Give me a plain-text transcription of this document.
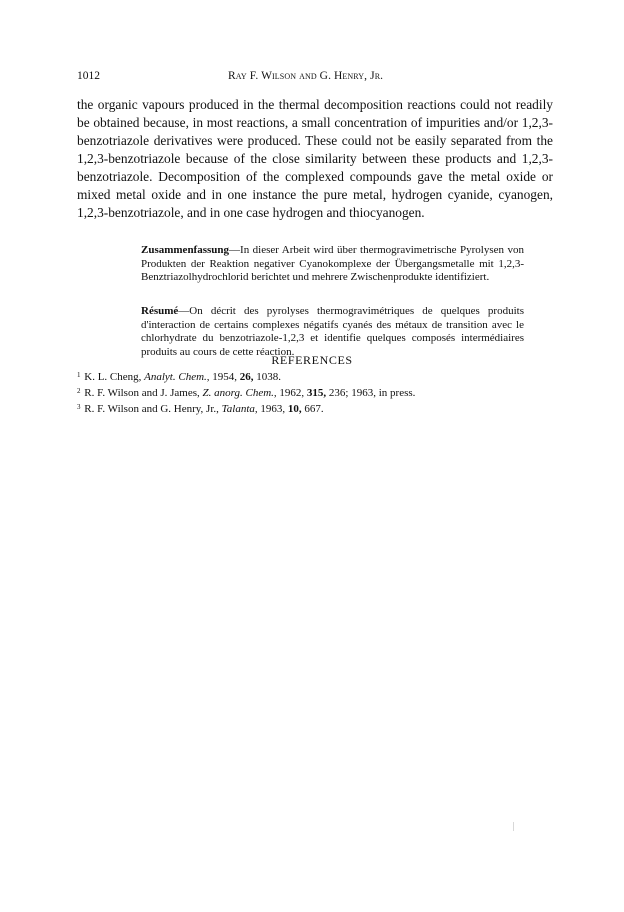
1012	Ray F. Wilson and G. Henry, Jr.
the organic vapours produced in the thermal decomposition reactions could not readily be obtained because, in most reactions, a small concentration of impurities and/or 1,2,3-benzotriazole derivatives were produced. These could not be easily separated from the 1,2,3-benzotriazole because of the close similarity between these products and 1,2,3-benzotriazole. Decomposition of the complexed compounds gave the metal oxide or mixed metal oxide and in one instance the pure metal, hydrogen cyanide, cyanogen, 1,2,3-benzotriazole, and in one case hydrogen and thiocyanogen.
Zusammenfassung—In dieser Arbeit wird über thermogravimetrische Pyrolysen von Produkten der Reaktion negativer Cyanokomplexe der Übergangsmetalle mit 1,2,3-Benztriazolhydrochlorid berichtet und mehrere Zwischenprodukte identifiziert.
Résumé—On décrit des pyrolyses thermogravimétriques de quelques produits d'interaction de certains complexes négatifs cyanés des métaux de transition avec le chlorhydrate du benzotriazole-1,2,3 et identifie quelques composés intermédiaires produits au cours de cette réaction.
REFERENCES
$^1$ K. L. Cheng, Analyt. Chem., 1954, 26, 1038.
$^2$ R. F. Wilson and J. James, Z. anorg. Chem., 1962, 315, 236; 1963, in press.
$^3$ R. F. Wilson and G. Henry, Jr., Talanta, 1963, 10, 667.
